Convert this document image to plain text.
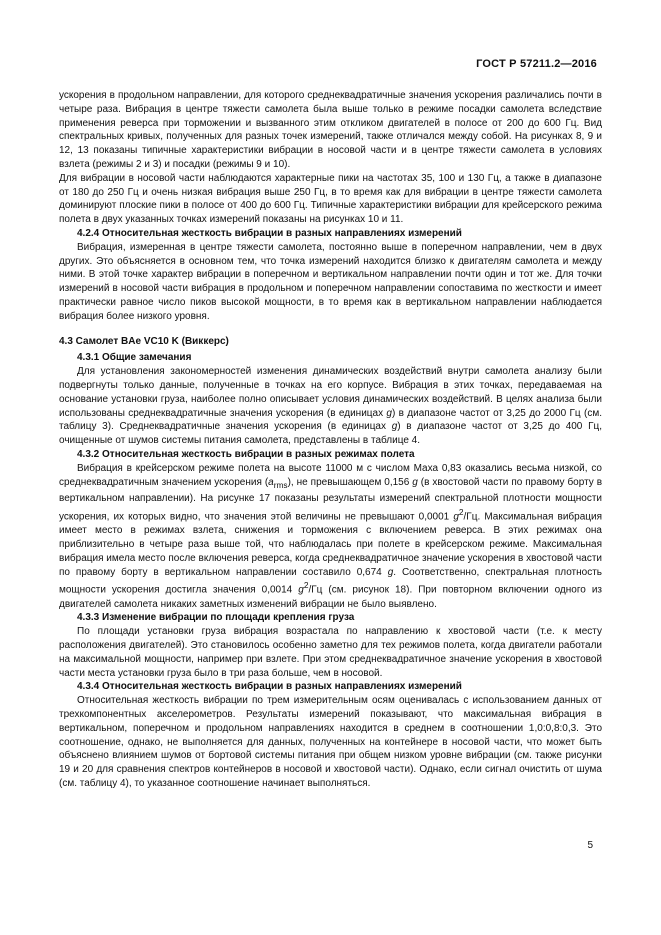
ГОСТ Р 57211.2—2016

ускорения в продольном направлении, для которого среднеквадратичные значения ускорения различались почти в четыре раза. Вибрация в центре тяжести самолета была выше только в режиме посадки самолета вследствие применения реверса при торможении и вызванного этим откликом двигателей в полосе от 200 до 600 Гц. Вид спектральных кривых, полученных для разных точек измерений, также отличался между собой. На рисунках 8, 9 и 12, 13 показаны типичные характеристики вибрации в носовой части и в центре тяжести самолета в условиях взлета (режимы 2 и 3) и посадки (режимы 9 и 10).

Для вибрации в носовой части наблюдаются характерные пики на частотах 35, 100 и 130 Гц, а также в диапазоне от 180 до 250 Гц и очень низкая вибрация выше 250 Гц, в то время как для вибрации в центре тяжести самолета доминируют плоские пики в полосе от 400 до 600 Гц. Типичные характеристики вибрации для крейсерского режима полета в двух указанных точках измерений показаны на рисунках 10 и 11.

4.2.4 Относительная жесткость вибрации в разных направлениях измерений

Вибрация, измеренная в центре тяжести самолета, постоянно выше в поперечном направлении, чем в двух других. Это объясняется в основном тем, что точка измерений находится близко к двигателям самолета и между ними. В этой точке характер вибрации в поперечном и вертикальном направлении почти один и тот же. Для точки измерений в носовой части вибрация в продольном и поперечном направлении сопоставима по жесткости и имеет практически равное число пиков высокой мощности, в то время как в вертикальном направлении наблюдается вибрация более низкого уровня.

4.3 Самолет BAe VC10 K (Виккерс)
4.3.1 Общие замечания

Для установления закономерностей изменения динамических воздействий внутри самолета анализу были подвергнуты только данные, полученные в точках на его корпусе. Вибрация в этих точках, передаваемая на основание установки груза, наиболее полно описывает условия динамических воздействий. В целях анализа были использованы среднеквадратичные значения ускорения (в единицах g) в диапазоне частот от 3,25 до 2000 Гц (см. таблицу 3). Среднеквадратичные значения ускорения (в единицах g) в диапазоне частот от 3,25 до 400 Гц, очищенные от шумов системы питания самолета, представлены в таблице 4.

4.3.2 Относительная жесткость вибрации в разных режимах полета

Вибрация в крейсерском режиме полета на высоте 11000 м с числом Маха 0,83 оказались весьма низкой, со среднеквадратичным значением ускорения $(a_{rms})$, не превышающем 0,156 g (в хвостовой части по правому борту в вертикальном направлении). На рисунке 17 показаны результаты измерений спектральной плотности мощности ускорения, их которых видно, что значения этой величины не превышают 0,0001 $g^2/Гц$. Максимальная вибрация имеет место в режимах взлета, снижения и торможения с включением реверса. В этих режимах она приблизительно в четыре раза выше той, что наблюдалась при полете в крейсерском режиме. Максимальная вибрация имела место после включения реверса, когда среднеквадратичное значение ускорения в хвостовой части по правому борту в вертикальном направлении составило 0,674 g. Соответственно, спектральная плотность мощности ускорения достигла значения 0,0014 $g^2/Гц$ (см. рисунок 18). При повторном включении одного из двигателей самолета никаких заметных изменений вибрации не было выявлено.

4.3.3 Изменение вибрации по площади крепления груза

По площади установки груза вибрация возрастала по направлению к хвостовой части (т.е. к месту расположения двигателей). Это становилось особенно заметно для тех режимов полета, когда двигатели работали на максимальной мощности, например при взлете. При этом среднеквадратичное значение ускорения в хвостовой части места установки груза было в три раза больше, чем в носовой.

4.3.4 Относительная жесткость вибрации в разных направлениях измерений

Относительная жесткость вибрации по трем измерительным осям оценивалась с использованием данных от трехкомпонентных акселерометров. Результаты измерений показывают, что максимальная вибрация в вертикальном, поперечном и продольном направлениях находится в среднем в соотношении 1,0:0,8:0,3. Это соотношение, однако, не выполняется для данных, полученных на контейнере в носовой части, что может быть объяснено влиянием шумов от бортовой системы питания при общем низком уровне вибрации (см. также рисунки 19 и 20 для сравнения спектров контейнеров в носовой и хвостовой части). Однако, если сигнал очистить от шума (см. таблицу 4), то указанное соотношение начинает выполняться.

5
